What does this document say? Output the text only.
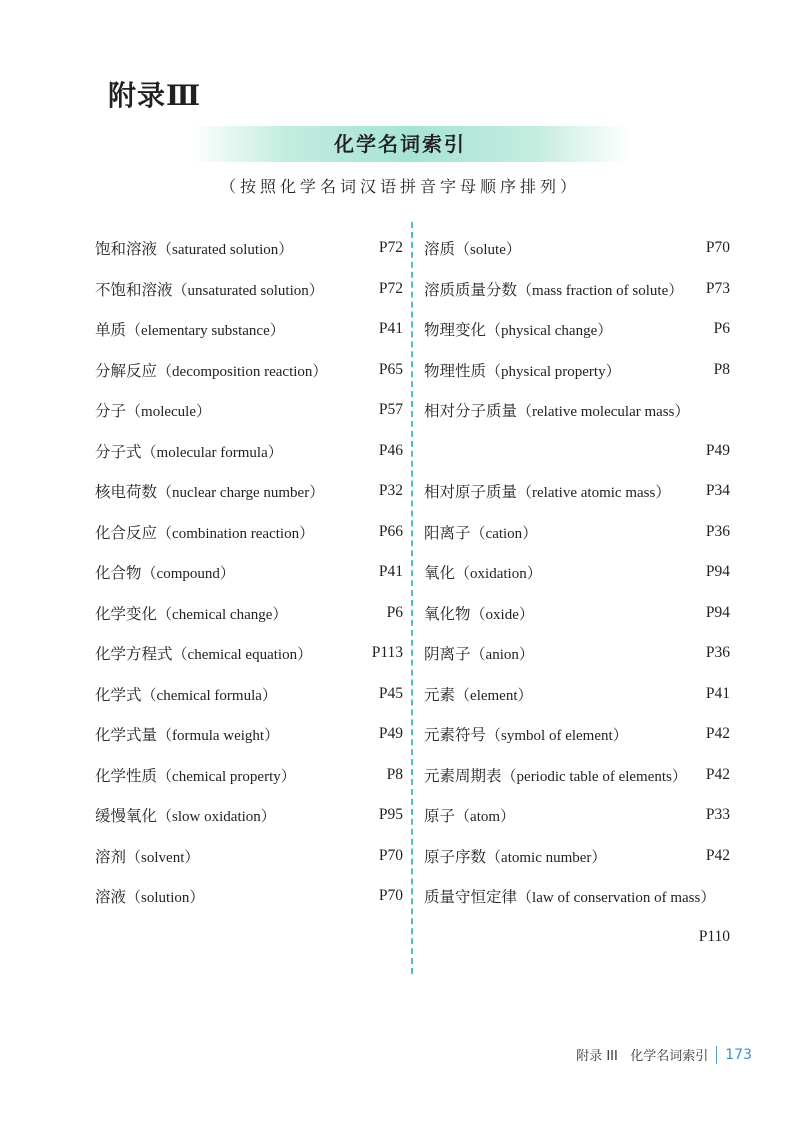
附录Ⅲ
化学名词索引
（按照化学名词汉语拼音字母顺序排列）
饱和溶液 （ saturated solution ）	P72
不饱和溶液 （ unsaturated solution ）	P72
单质 （ elementary substance ）	P41
分解反应 （ decomposition reaction ）	P65
分子 （ molecule ）	P57
分子式 （ molecular formula ）	P46
核电荷数 （ nuclear charge number ）	P32
化合反应 （ combination reaction ）	P66
化合物 （ compound ）	P41
化学变化 （ chemical change ）	P6
化学方程式 （ chemical equation ）	P113
化学式 （ chemical formula ）	P45
化学式量 （ formula weight ）	P49
化学性质 （ chemical property ）	P8
缓慢氧化 （ slow oxidation ）	P95
溶剂 （ solvent ）	P70
溶液 （ solution ）	P70
溶质 （ solute ）	P70
溶质质量分数 （ mass fraction of solute ） P73
物理变化 （ physical change ）	P6
物理性质 （ physical property ）	P8
相对分子质量 （ relative molecular mass ）
P49
相对原子质量 （ relative atomic mass ） P34
阳离子 （ cation ）	P36
氧化 （ oxidation ）	P94
氧化物 （ oxide ）	P94
阴离子 （ anion ）	P36
元素 （ element ）	P41
元素符号 （ symbol of element ）	P42
元素周期表 （ periodic table of elements ） P42
原子 （ atom ）	P33
原子序数 （ atomic number ）	P42
质量守恒定律 （ law of conservation of mass ）
P110
附录 III   化学名词索引 173
